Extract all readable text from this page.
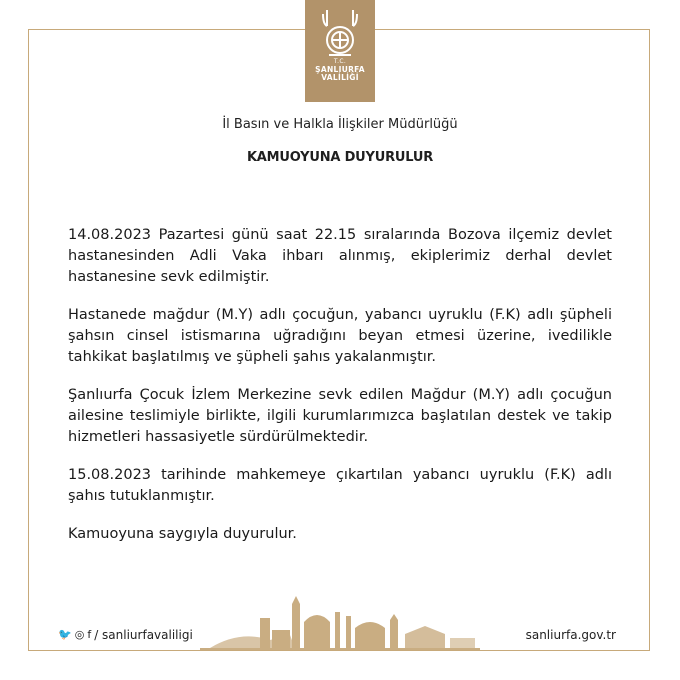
T.C.
ŞANLIURFA
VALİLİĞİ
İl Basın ve Halkla İlişkiler Müdürlüğü
KAMUOYUNA DUYURULUR

14.08.2023 Pazartesi günü saat 22.15 sıralarında Bozova ilçemiz devlet hastanesinden Adli Vaka ihbarı alınmış, ekiplerimiz derhal devlet hastanesine sevk edilmiştir.

Hastanede mağdur (M.Y) adlı çocuğun, yabancı uyruklu (F.K) adlı şüpheli şahsın cinsel istismarına uğradığını beyan etmesi üzerine, ivedilikle tahkikat başlatılmış ve şüpheli şahıs yakalanmıştır.

Şanlıurfa Çocuk İzlem Merkezine sevk edilen Mağdur (M.Y) adlı çocuğun ailesine teslimiyle birlikte, ilgili kurumlarımızca başlatılan destek ve takip hizmetleri hassasiyetle sürdürülmektedir.

15.08.2023 tarihinde mahkemeye çıkartılan yabancı uyruklu (F.K) adlı şahıs tutuklanmıştır.

Kamuoyuna saygıyla duyurulur.

🐦 ◎ f / sanliurfavaliligi	sanliurfa.gov.tr
